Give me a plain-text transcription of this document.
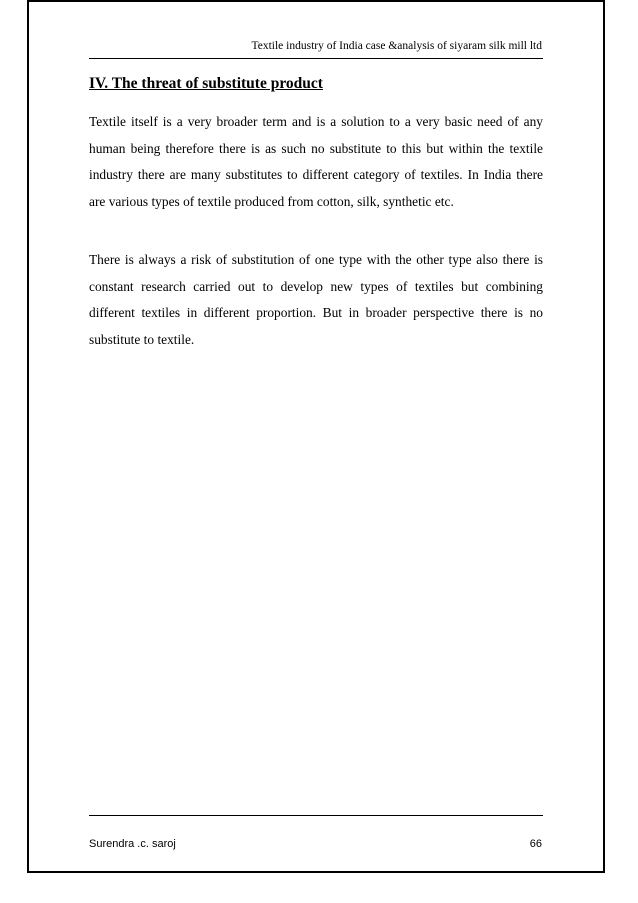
Textile industry of India case &analysis of siyaram silk mill ltd
IV. The threat of substitute product

Textile itself is a very broader term and is a solution to a very basic need of any human being therefore there is as such no substitute to this but within the textile industry there are many substitutes to different category of textiles. In India there are various types of textile produced from cotton, silk, synthetic etc.

There is always a risk of substitution of one type with the other type also there is constant research carried out to develop new types of textiles but combining different textiles in different proportion. But in broader perspective there is no substitute to textile.

Surendra .c. saroj	66
